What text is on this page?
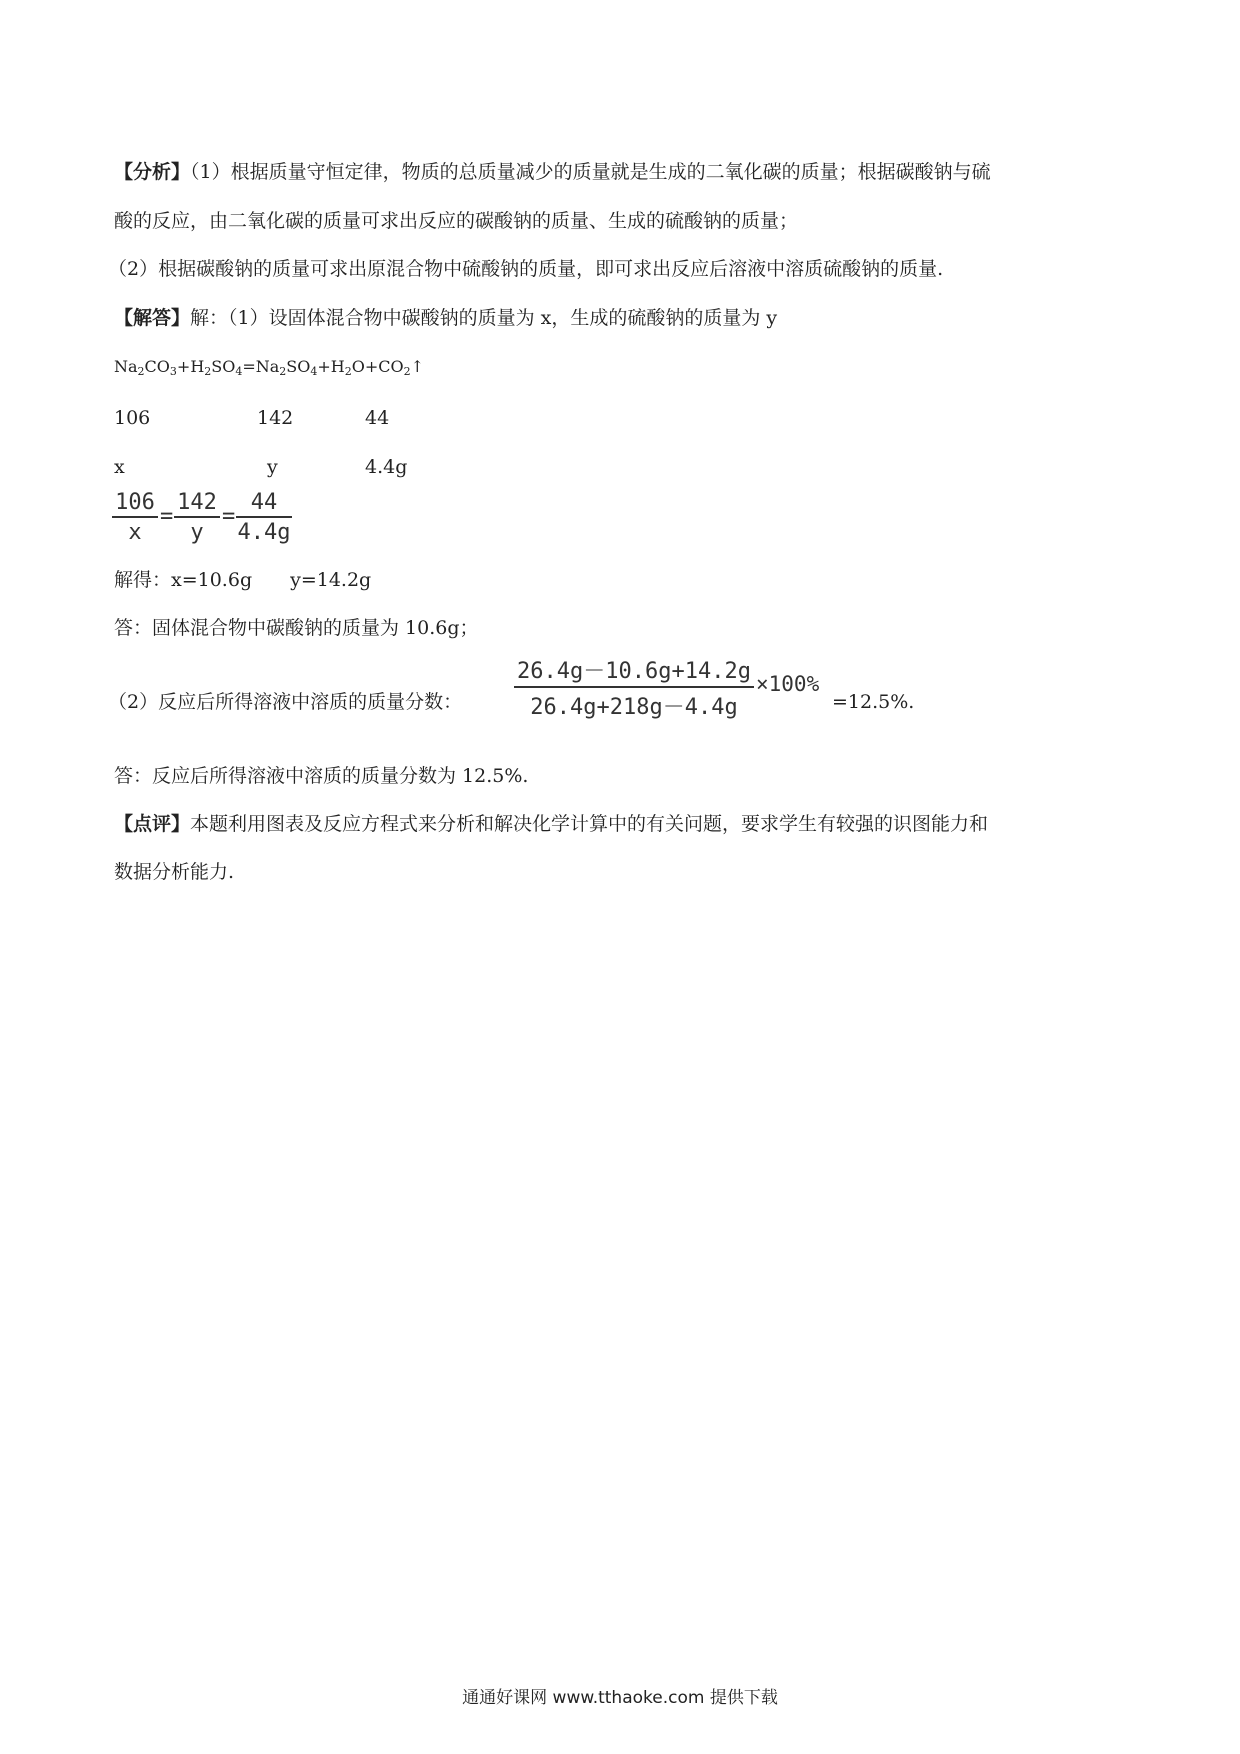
【分析】（1）根据质量守恒定律，物质的总质量减少的质量就是生成的二氧化碳的质量；根据碳酸钠与硫
酸的反应，由二氧化碳的质量可求出反应的碳酸钠的质量、生成的硫酸钠的质量；
（2）根据碳酸钠的质量可求出原混合物中硫酸钠的质量，即可求出反应后溶液中溶质硫酸钠的质量.
【解答】解：（1）设固体混合物中碳酸钠的质量为 x，生成的硫酸钠的质量为 y
$Na_2CO_3+H_2SO_4=Na_2SO_4+H_2O+CO_2↑$
106	142	44
x	y	4.4g
$\frac{106}{x} = \frac{142}{y} = \frac{44}{4.4g}$
解得：x=10.6g　　y=14.2g
答：固体混合物中碳酸钠的质量为 10.6g；
（2）反应后所得溶液中溶质的质量分数： $\frac{26.4g-10.6g+14.2g}{26.4g+218g-4.4g} \times 100\%$
=12.5%.
答：反应后所得溶液中溶质的质量分数为 12.5%.
【点评】本题利用图表及反应方程式来分析和解决化学计算中的有关问题，要求学生有较强的识图能力和
数据分析能力.
通通好课网 www.tthaoke.com 提供下载
